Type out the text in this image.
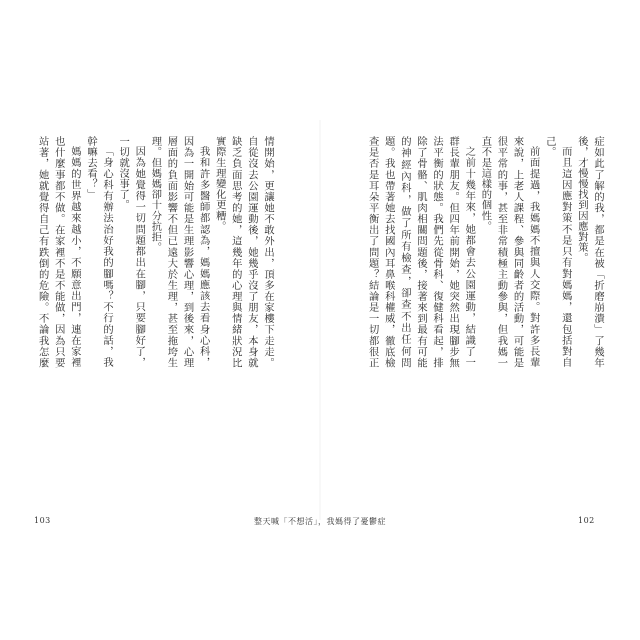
症如此了解的我，都是在被「折磨崩潰」了幾年後，才慢慢找到因應對策。

而且這因應對策不是只有對媽媽，還包括對自己。

前面提過，我媽媽不擅與人交際。對許多長輩來說，上老人課程、參與同齡者的活動，可能是很平常的事，甚至非常積極主動參與，但我媽一直不是這樣的個性。

之前十幾年來，她都會去公園運動，結識了一群長輩朋友。但四年前開始，她突然出現腳步無法平衡的狀態。我們先從骨科、復健科看起，排除了骨骼、肌肉相關問題後，接著來到最有可能的神經內科，做了所有檢查，卻查不出任何問題。我也帶著她去找國內耳鼻喉科權威，徹底檢查是否是耳朵平衡出了問題？結論是一切都很正

情開始，更讓她不敢外出，頂多在家樓下走走。自從沒去公園運動後，她幾乎沒了朋友，本身就缺乏負面思考的她，這幾年的心理與情緒狀況比實際生理變化更糟。

我和許多醫師都認為，媽媽應該去看身心科，因為一開始可能是生理影響心理，到後來，心理層面的負面影響不但已遠大於生理，甚至拖垮生理。但媽媽卻十分抗拒。

因為她覺得一切問題都出在腳，只要腳好了，一切就沒事了。

「身心科有辦法治好我的腳嗎？不行的話，我幹嘛去看？」

媽媽的世界越來越小，不願意出門，連在家裡也什麼事都不做。在家裡不是不能做，因為只要站著，她就覺得自己有跌倒的危險。不論我怎麼

103	整天喊「不想活」，我媽得了憂鬱症	102
